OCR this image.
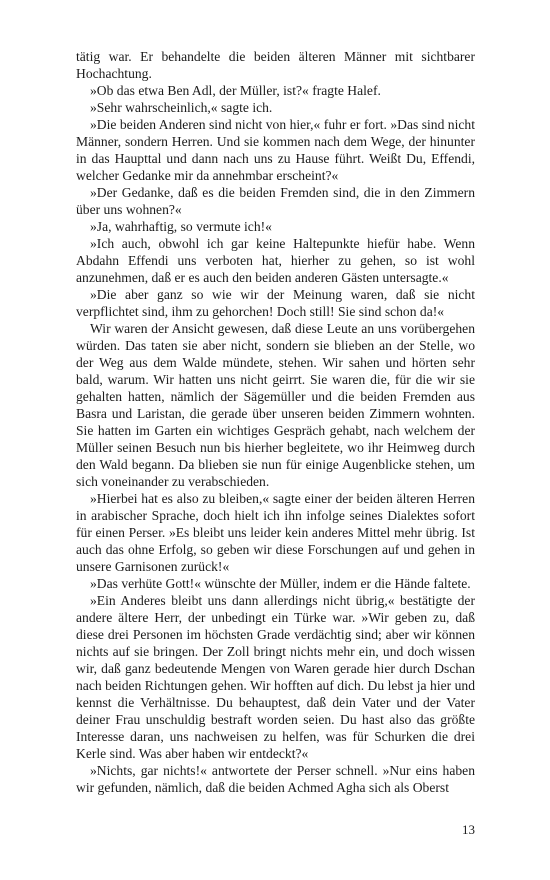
tätig war. Er behandelte die beiden älteren Männer mit sichtbarer Hochachtung.

»Ob das etwa Ben Adl, der Müller, ist?« fragte Halef.

»Sehr wahrscheinlich,« sagte ich.

»Die beiden Anderen sind nicht von hier,« fuhr er fort. »Das sind nicht Männer, sondern Herren. Und sie kommen nach dem Wege, der hinunter in das Haupttal und dann nach uns zu Hause führt. Weißt Du, Effendi, welcher Gedanke mir da annehmbar erscheint?«

»Der Gedanke, daß es die beiden Fremden sind, die in den Zimmern über uns wohnen?«

»Ja, wahrhaftig, so vermute ich!«

»Ich auch, obwohl ich gar keine Haltepunkte hiefür habe. Wenn Abdahn Effendi uns verboten hat, hierher zu gehen, so ist wohl anzunehmen, daß er es auch den beiden anderen Gästen untersagte.«

»Die aber ganz so wie wir der Meinung waren, daß sie nicht verpflichtet sind, ihm zu gehorchen! Doch still! Sie sind schon da!«

Wir waren der Ansicht gewesen, daß diese Leute an uns vorübergehen würden. Das taten sie aber nicht, sondern sie blieben an der Stelle, wo der Weg aus dem Walde mündete, stehen. Wir sahen und hörten sehr bald, warum. Wir hatten uns nicht geirrt. Sie waren die, für die wir sie gehalten hatten, nämlich der Sägemüller und die beiden Fremden aus Basra und Laristan, die gerade über unseren beiden Zimmern wohnten. Sie hatten im Garten ein wichtiges Gespräch gehabt, nach welchem der Müller seinen Besuch nun bis hierher begleitete, wo ihr Heimweg durch den Wald begann. Da blieben sie nun für einige Augenblicke stehen, um sich voneinander zu verabschieden.

»Hierbei hat es also zu bleiben,« sagte einer der beiden älteren Herren in arabischer Sprache, doch hielt ich ihn infolge seines Dialektes sofort für einen Perser. »Es bleibt uns leider kein anderes Mittel mehr übrig. Ist auch das ohne Erfolg, so geben wir diese Forschungen auf und gehen in unsere Garnisonen zurück!«

»Das verhüte Gott!« wünschte der Müller, indem er die Hände faltete.

»Ein Anderes bleibt uns dann allerdings nicht übrig,« bestätigte der andere ältere Herr, der unbedingt ein Türke war. »Wir geben zu, daß diese drei Personen im höchsten Grade verdächtig sind; aber wir können nichts auf sie bringen. Der Zoll bringt nichts mehr ein, und doch wissen wir, daß ganz bedeutende Mengen von Waren gerade hier durch Dschan nach beiden Richtungen gehen. Wir hofften auf dich. Du lebst ja hier und kennst die Verhältnisse. Du behauptest, daß dein Vater und der Vater deiner Frau unschuldig bestraft worden seien. Du hast also das größte Interesse daran, uns nachweisen zu helfen, was für Schurken die drei Kerle sind. Was aber haben wir entdeckt?«

»Nichts, gar nichts!« antwortete der Perser schnell. »Nur eins haben wir gefunden, nämlich, daß die beiden Achmed Agha sich als Oberst

13
